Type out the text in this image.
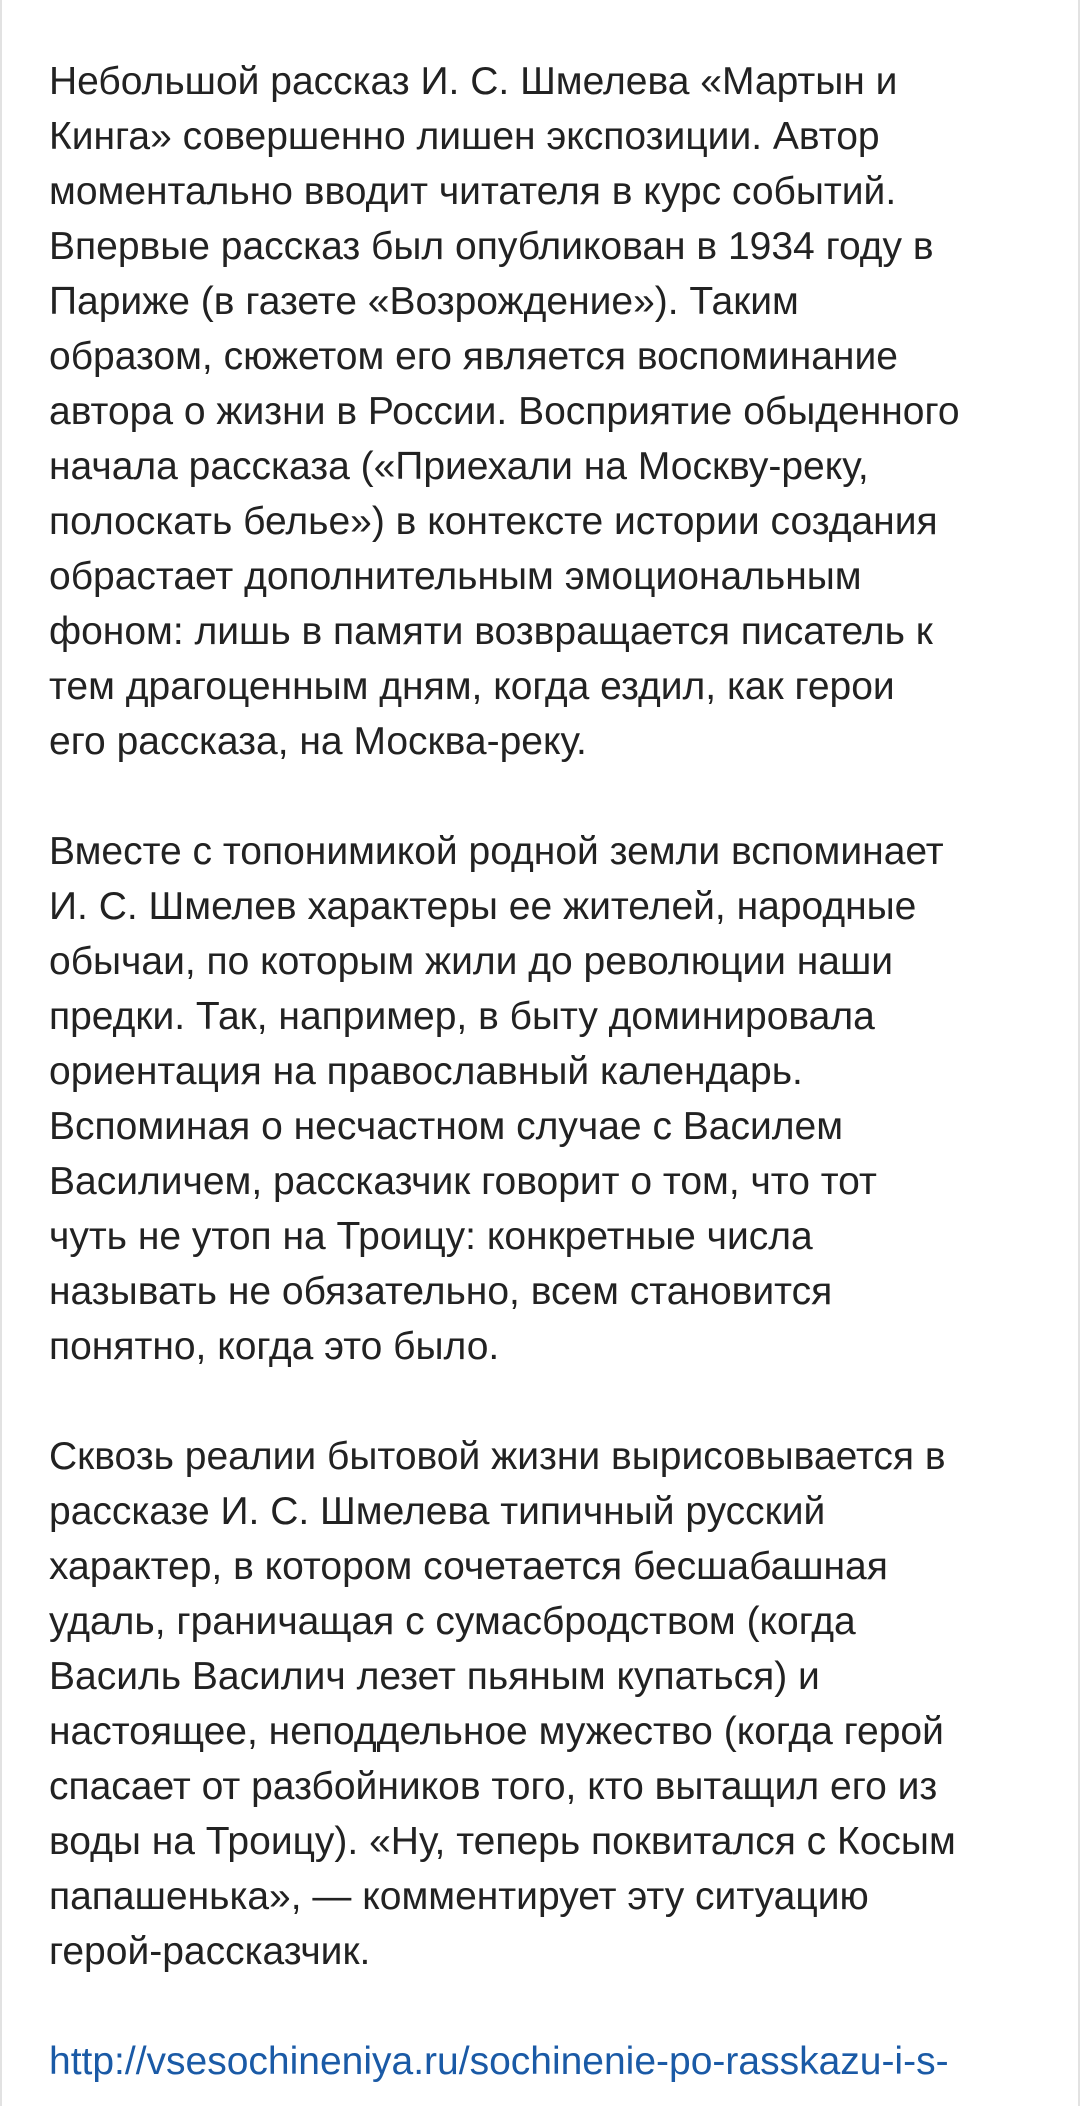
Небольшой рассказ И. С. Шмелева «Мартын и
Кинга» совершенно лишен экспозиции. Автор
моментально вводит читателя в курс событий.
Впервые рассказ был опубликован в 1934 году в
Париже (в газете «Возрождение»). Таким
образом, сюжетом его является воспоминание
автора о жизни в России. Восприятие обыденного
начала рассказа («Приехали на Москву-реку,
полоскать белье») в контексте истории создания
обрастает дополнительным эмоциональным
фоном: лишь в памяти возвращается писатель к
тем драгоценным дням, когда ездил, как герои
его рассказа, на Москва-реку.

Вместе с топонимикой родной земли вспоминает
И. С. Шмелев характеры ее жителей, народные
обычаи, по которым жили до революции наши
предки. Так, например, в быту доминировала
ориентация на православный календарь.
Вспоминая о несчастном случае с Василем
Василичем, рассказчик говорит о том, что тот
чуть не утоп на Троицу: конкретные числа
называть не обязательно, всем становится
понятно, когда это было.

Сквозь реалии бытовой жизни вырисовывается в
рассказе И. С. Шмелева типичный русский
характер, в котором сочетается бесшабашная
удаль, граничащая с сумасбродством (когда
Василь Василич лезет пьяным купаться) и
настоящее, неподдельное мужество (когда герой
спасает от разбойников того, кто вытащил его из
воды на Троицу). «Ну, теперь поквитался с Косым
папашенька», — комментирует эту ситуацию
герой-рассказчик.

http://vsesochineniya.ru/sochinenie-po-rasskazu-i-s-
